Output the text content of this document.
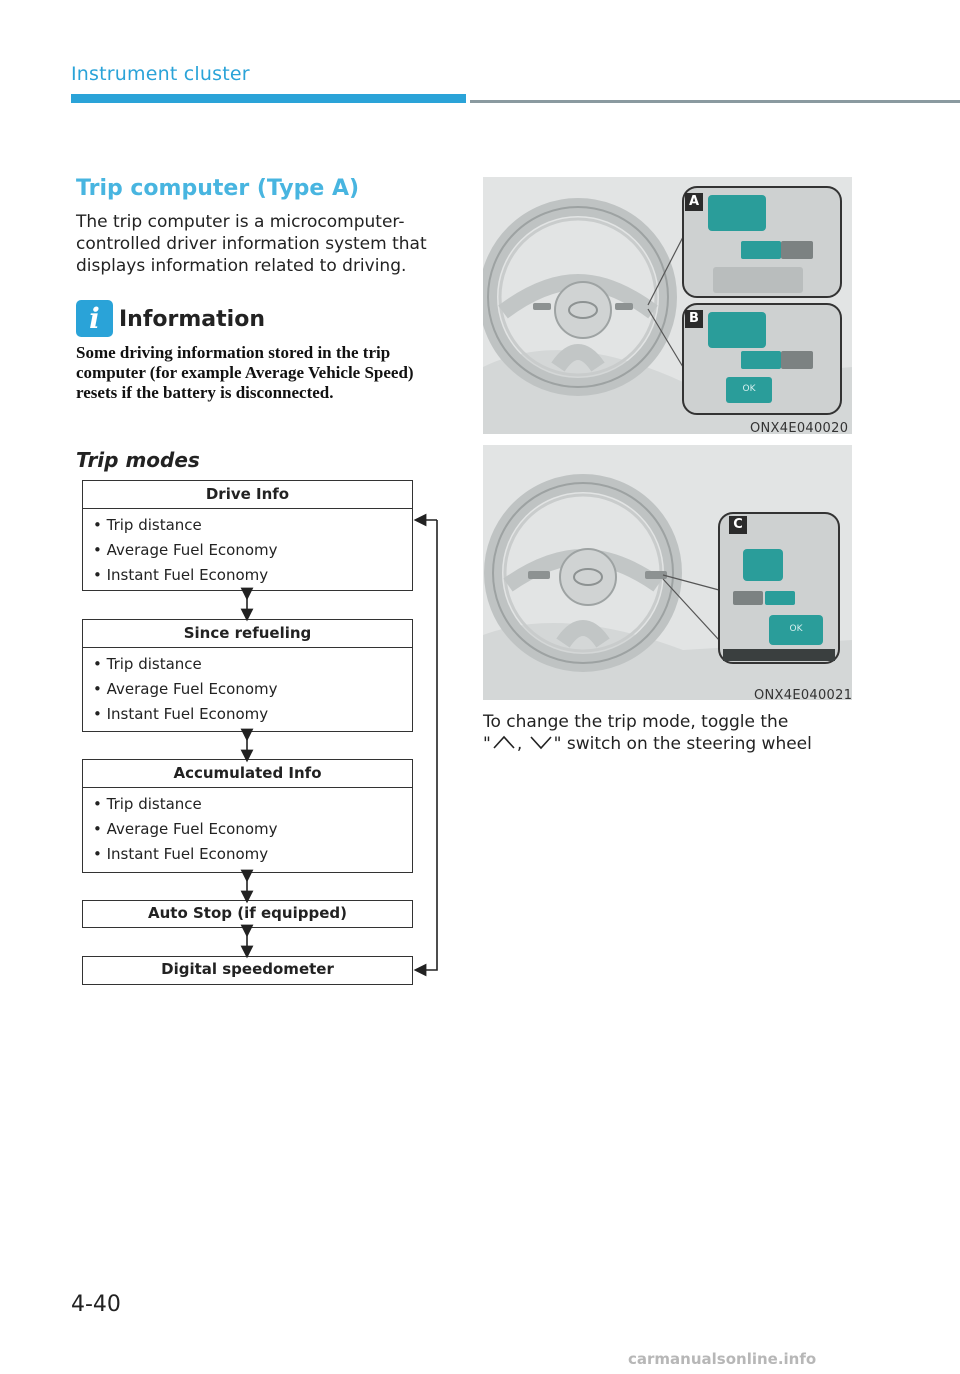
Instrument cluster
Trip computer (Type A)
The trip computer is a microcomputer-controlled driver information system that displays information related to driving.
i Information
Some driving information stored in the trip computer (for example Average Vehicle Speed) resets if the battery is disconnected.
Trip modes
Drive Info
• Trip distance
• Average Fuel Economy
• Instant Fuel Economy
Since refueling
• Trip distance
• Average Fuel Economy
• Instant Fuel Economy
Accumulated Info
• Trip distance
• Average Fuel Economy
• Instant Fuel Economy
Auto Stop (if equipped)
Digital speedometer
A
B
OK
ONX4E040020
C
OK
ONX4E040021
To change the trip mode, toggle the
" , " switch on the steering wheel
4-40
carmanualsonline.info
